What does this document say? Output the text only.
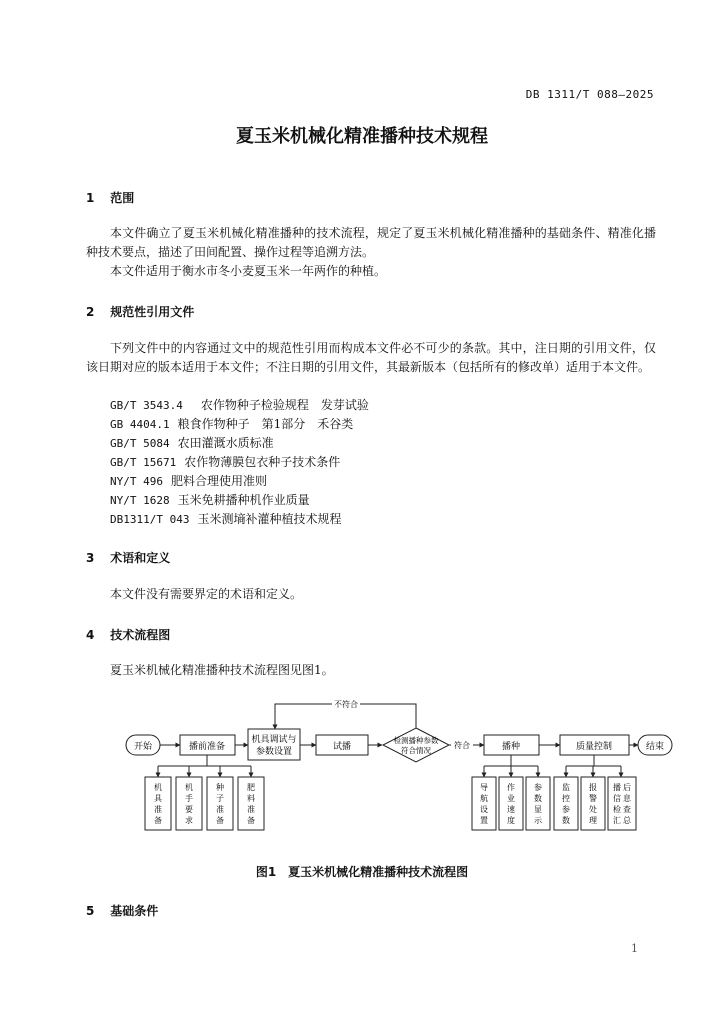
DB 1311/T 088—2025
夏玉米机械化精准播种技术规程
1 范围
本文件确立了夏玉米机械化精准播种的技术流程，规定了夏玉米机械化精准播种的基础条件、精准化播种技术要点，描述了田间配置、操作过程等追溯方法。
本文件适用于衡水市冬小麦夏玉米一年两作的种植。
2 规范性引用文件
下列文件中的内容通过文中的规范性引用而构成本文件必不可少的条款。其中，注日期的引用文件，仅该日期对应的版本适用于本文件；不注日期的引用文件，其最新版本（包括所有的修改单）适用于本文件。
GB/T 3543.4 农作物种子检验规程　发芽试验
GB 4404.1 粮食作物种子　第1部分　禾谷类
GB/T 5084 农田灌溉水质标准
GB/T 15671 农作物薄膜包衣种子技术条件
NY/T 496 肥料合理使用准则
NY/T 1628 玉米免耕播种机作业质量
DB1311/T 043 玉米测墒补灌种植技术规程
3 术语和定义
本文件没有需要界定的术语和定义。
4 技术流程图
夏玉米机械化精准播种技术流程图见图1。
开始	播前准备
机具调试与
参数设置	试播
检测播种参数
符合情况
不符合
符合	播种	质量控制	结束
机
具
准
备
机
手
要
求
种
子
准
备
肥
料
准
备
导
航
设
置
作
业
速
度
参
数
显
示
监
控
参
数
报
警
处
理
播 后
信 息
检 查
汇 总
图1　夏玉米机械化精准播种技术流程图
5 基础条件
1
